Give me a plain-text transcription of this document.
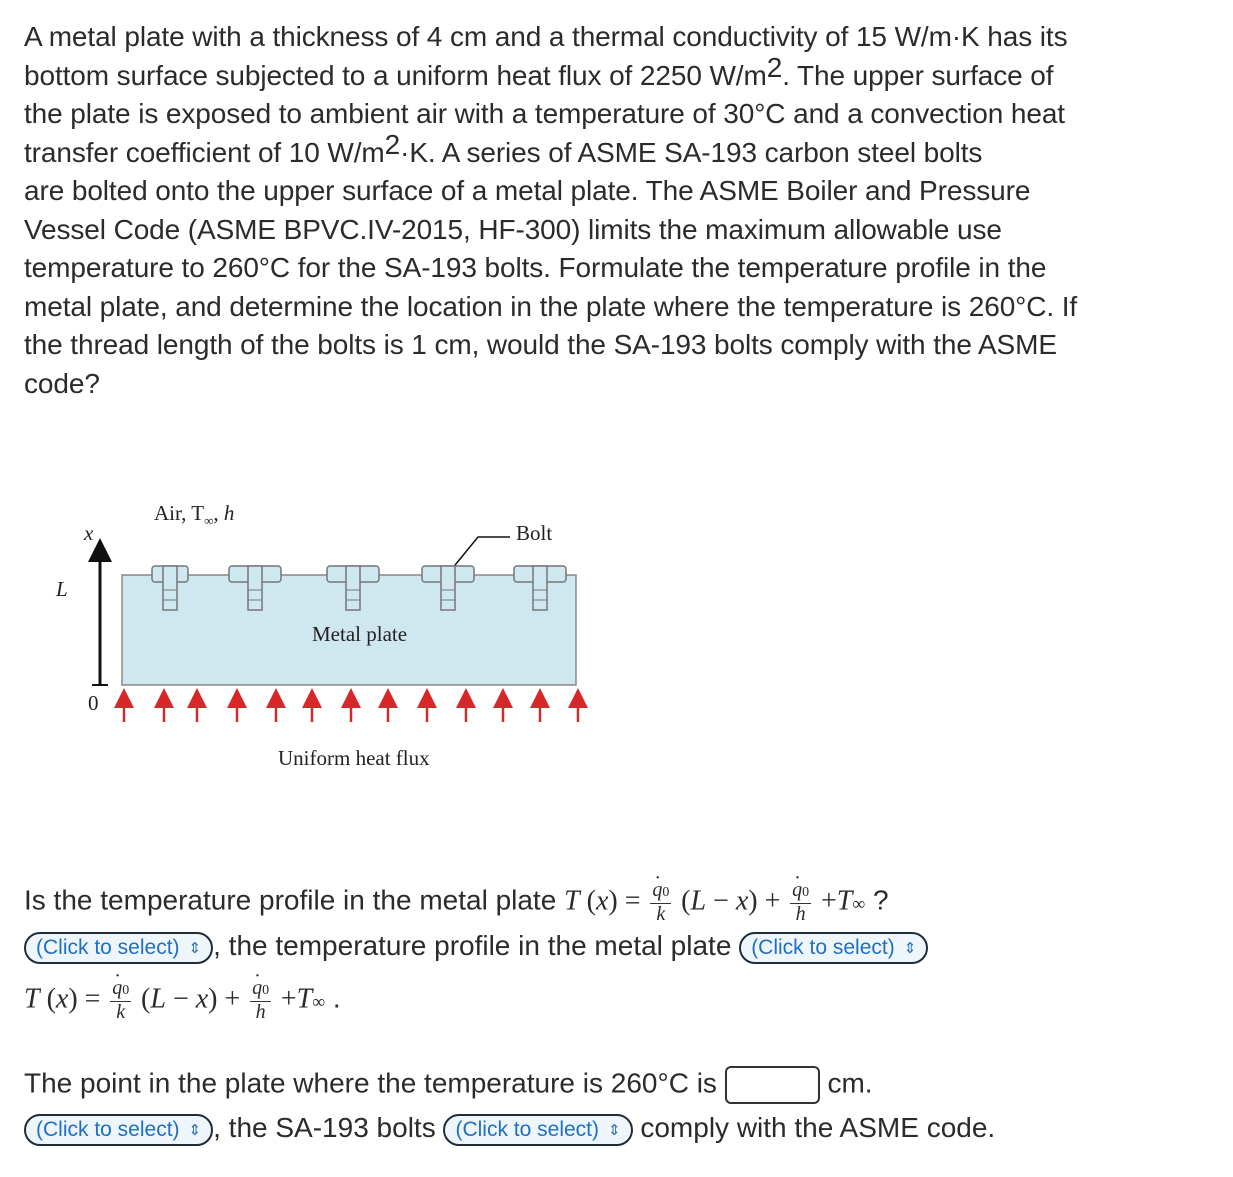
A metal plate with a thickness of 4 cm and a thermal conductivity of 15 W/m·K has its
bottom surface subjected to a uniform heat flux of 2250 $W/m^2$. The upper surface of
the plate is exposed to ambient air with a temperature of 30°C and a convection heat
transfer coefficient of 10 $W/m^2\cdot K$. A series of ASME SA-193 carbon steel bolts
are bolted onto the upper surface of a metal plate. The ASME Boiler and Pressure
Vessel Code (ASME BPVC.IV-2015, HF-300) limits the maximum allowable use
temperature to 260°C for the SA-193 bolts. Formulate the temperature profile in the
metal plate, and determine the location in the plate where the temperature is 260°C. If
the thread length of the bolts is 1 cm, would the SA-193 bolts comply with the ASME
code?
Air, $T_\infty$, h
Bolt
Metal plate
x
L
0
Uniform heat flux
Is the temperature profile in the metal plate T (x) = · $\frac{q0}{k} (L - x)$ + · $\frac{q0}{h} +T\infty$ ?
(Click to select) ⇕ , the temperature profile in the metal plate (Click to select) ⇕
T (x) = · $\frac{q0}{k} (L - x)$ + · $\frac{q0}{h} +T\infty$ .
The point in the plate where the temperature is 260°C is	cm.
(Click to select) ⇕ , the SA-193 bolts (Click to select) ⇕ comply with the ASME code.
